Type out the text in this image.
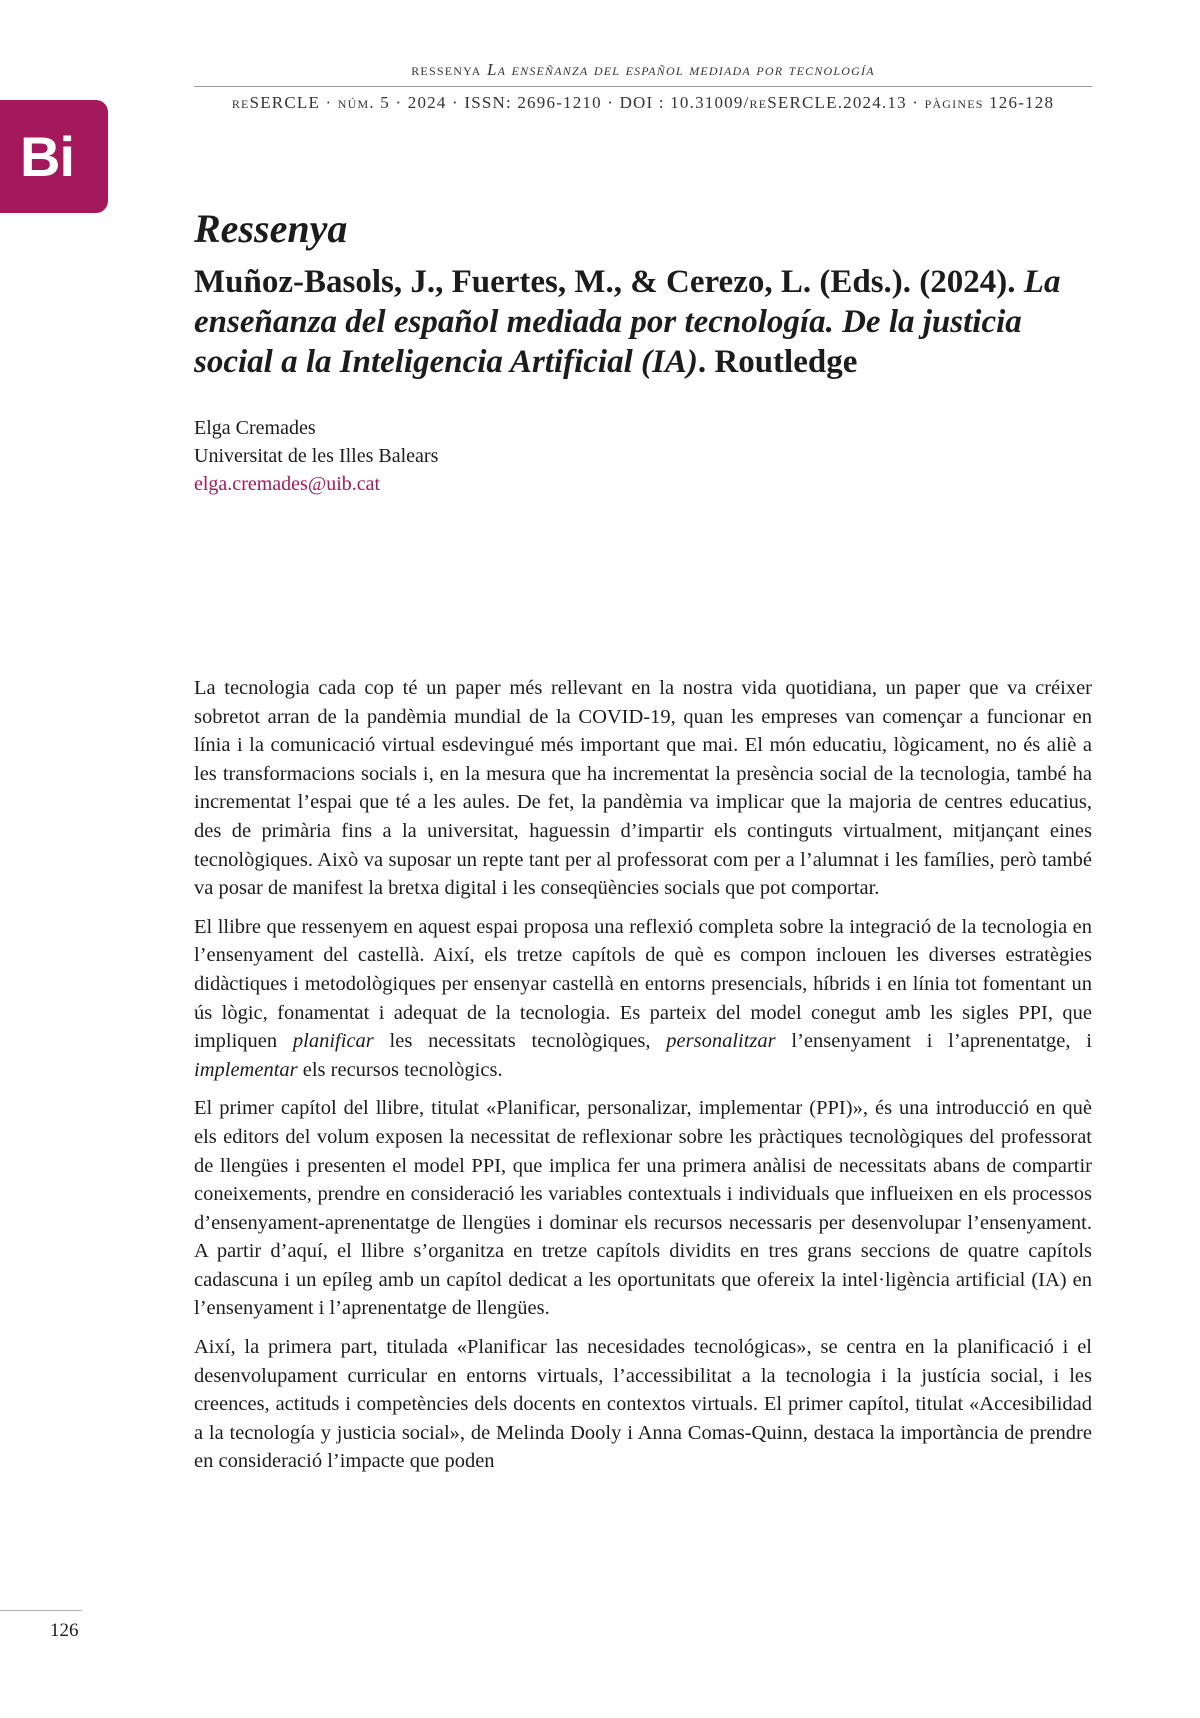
ressenya La enseñanza del español mediada por tecnología
reSERCLE · núm. 5 · 2024 · ISSN: 2696-1210 · DOI : 10.31009/reSERCLE.2024.13 · pàgines 126-128
Bi
Ressenya
Muñoz-Basols, J., Fuertes, M., & Cerezo, L. (Eds.). (2024). La enseñanza del español mediada por tecnología. De la justicia social a la Inteligencia Artificial (IA). Routledge
Elga Cremades
Universitat de les Illes Balears
elga.cremades@uib.cat

La tecnologia cada cop té un paper més rellevant en la nostra vida quotidiana, un paper que va créixer sobretot arran de la pandèmia mundial de la COVID-19, quan les empreses van començar a funcionar en línia i la comunicació virtual esdevingué més important que mai. El món educatiu, lògicament, no és aliè a les transformacions socials i, en la mesura que ha incrementat la presència social de la tecnologia, també ha incrementat l’espai que té a les aules. De fet, la pandèmia va implicar que la majoria de centres educatius, des de primària fins a la universitat, haguessin d’impartir els continguts virtualment, mitjançant eines tecnològiques. Això va suposar un repte tant per al professorat com per a l’alumnat i les famílies, però també va posar de manifest la bretxa digital i les conseqüències socials que pot comportar.

El llibre que ressenyem en aquest espai proposa una reflexió completa sobre la integració de la tecnologia en l’ensenyament del castellà. Així, els tretze capítols de què es compon inclouen les diverses estratègies didàctiques i metodològiques per ensenyar castellà en entorns presencials, híbrids i en línia tot fomentant un ús lògic, fonamentat i adequat de la tecnologia. Es parteix del model conegut amb les sigles PPI, que impliquen planificar les necessitats tecnològiques, personalitzar l’ensenyament i l’aprenentatge, i implementar els recursos tecnològics.

El primer capítol del llibre, titulat «Planificar, personalizar, implementar (PPI)», és una introducció en què els editors del volum exposen la necessitat de reflexionar sobre les pràctiques tecnològiques del professorat de llengües i presenten el model PPI, que implica fer una primera anàlisi de necessitats abans de compartir coneixements, prendre en consideració les variables contextuals i individuals que influeixen en els processos d’ensenyament-aprenentatge de llengües i dominar els recursos necessaris per desenvolupar l’ensenyament. A partir d’aquí, el llibre s’organitza en tretze capítols dividits en tres grans seccions de quatre capítols cadascuna i un epíleg amb un capítol dedicat a les oportunitats que ofereix la intel·ligència artificial (IA) en l’ensenyament i l’aprenentatge de llengües.

Així, la primera part, titulada «Planificar las necesidades tecnológicas», se centra en la planificació i el desenvolupament curricular en entorns virtuals, l’accessibilitat a la tecnologia i la justícia social, i les creences, actituds i competències dels docents en contextos virtuals. El primer capítol, titulat «Accesibilidad a la tecnología y justicia social», de Melinda Dooly i Anna Comas-Quinn, destaca la importància de prendre en consideració l’impacte que poden

126
